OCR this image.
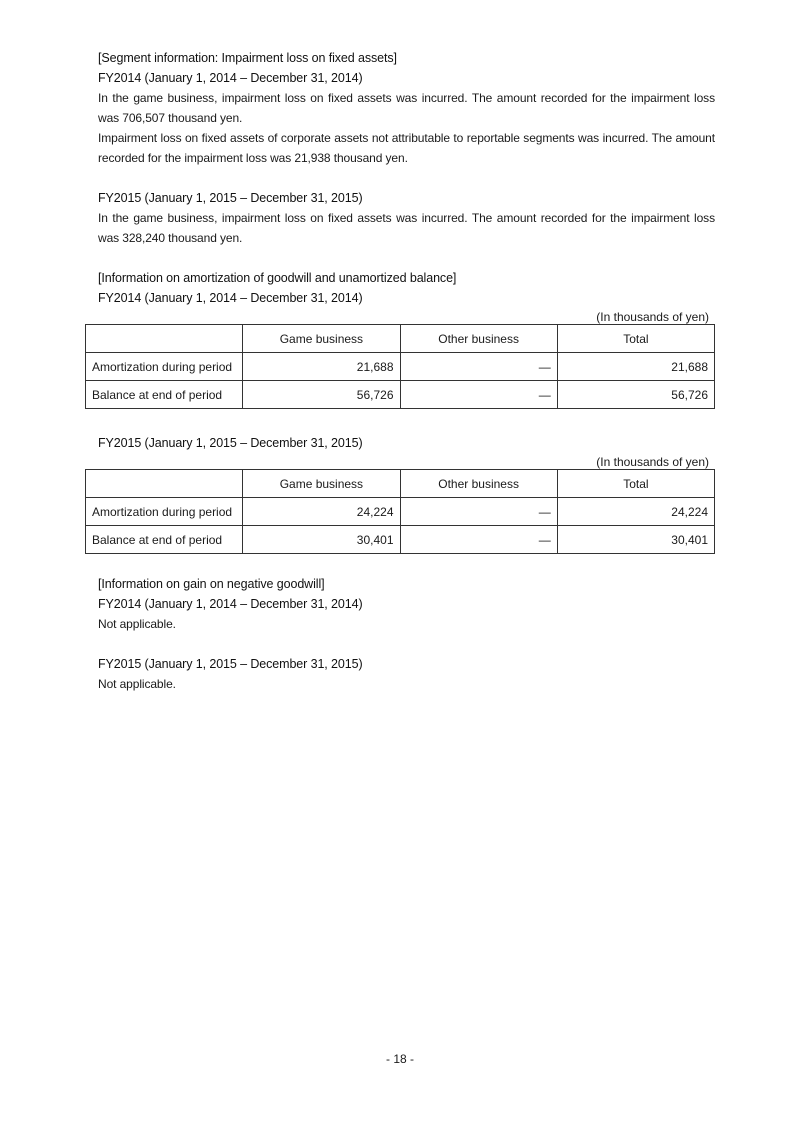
[Segment information: Impairment loss on fixed assets]
FY2014 (January 1, 2014 – December 31, 2014)
In the game business, impairment loss on fixed assets was incurred. The amount recorded for the impairment loss was 706,507 thousand yen.
Impairment loss on fixed assets of corporate assets not attributable to reportable segments was incurred. The amount recorded for the impairment loss was 21,938 thousand yen.
FY2015 (January 1, 2015 – December 31, 2015)
In the game business, impairment loss on fixed assets was incurred. The amount recorded for the impairment loss was 328,240 thousand yen.
[Information on amortization of goodwill and unamortized balance]
FY2014 (January 1, 2014 – December 31, 2014)
(In thousands of yen)
	Game business	Other business	Total
Amortization during period	21,688	—	21,688
Balance at end of period	56,726	—	56,726
FY2015 (January 1, 2015 – December 31, 2015)
(In thousands of yen)
	Game business	Other business	Total
Amortization during period	24,224	—	24,224
Balance at end of period	30,401	—	30,401
[Information on gain on negative goodwill]
FY2014 (January 1, 2014 – December 31, 2014)
Not applicable.
FY2015 (January 1, 2015 – December 31, 2015)
Not applicable.
- 18 -
